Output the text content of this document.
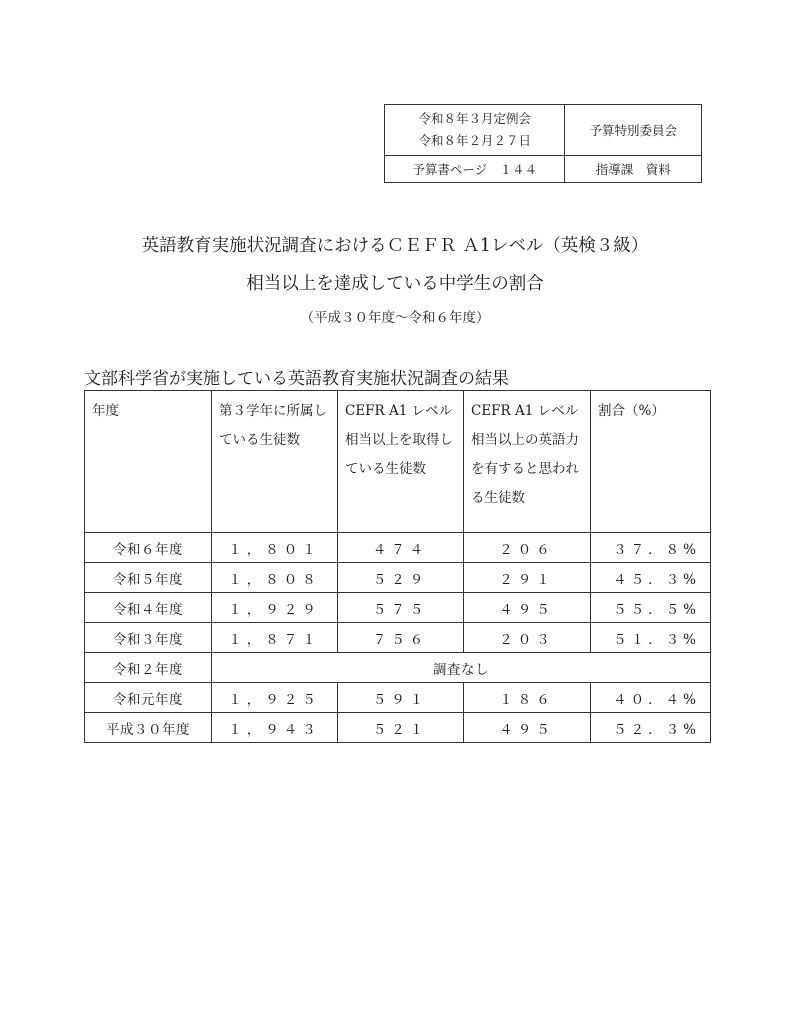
令和８年３月定例会
令和８年２月２７日	予算特別委員会
予算書ページ　１４４	指導課　資料

英語教育実施状況調査におけるＣＥＦＲ Ａ1レベル（英検３級）

相当以上を達成している中学生の割合

（平成３０年度～令和６年度）

文部科学省が実施している英語教育実施状況調査の結果

年度	第３学年に所属している生徒数	CEFR A1 レベル相当以上を取得している生徒数	CEFR A1 レベル相当以上の英語力を有すると思われる生徒数	割合（%）
令和６年度	１，８０１	４７４	２０６	３７．８%
令和５年度	１，８０８	５２９	２９１	４５．３%
令和４年度	１，９２９	５７５	４９５	５５．５%
令和３年度	１，８７１	７５６	２０３	５１．３%
令和２年度	調査なし			
令和元年度	１，９２５	５９１	１８６	４０．４%
平成３０年度	１，９４３	５２１	４９５	５２．３%
